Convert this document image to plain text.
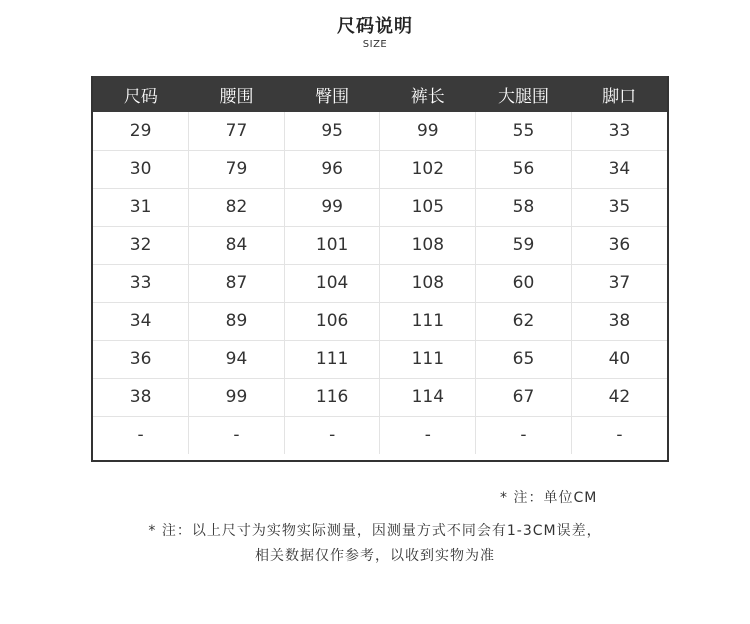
尺码说明
SIZE
尺码	腰围	臀围	裤长	大腿围	脚口
29	77	95	99	55	33
30	79	96	102	56	34
31	82	99	105	58	35
32	84	101	108	59	36
33	87	104	108	60	37
34	89	106	111	62	38
36	94	111	111	65	40
38	99	116	114	67	42
-	-	-	-	-	-
* 注：单位CM
* 注：以上尺寸为实物实际测量，因测量方式不同会有1-3CM误差，
相关数据仅作参考，以收到实物为准
